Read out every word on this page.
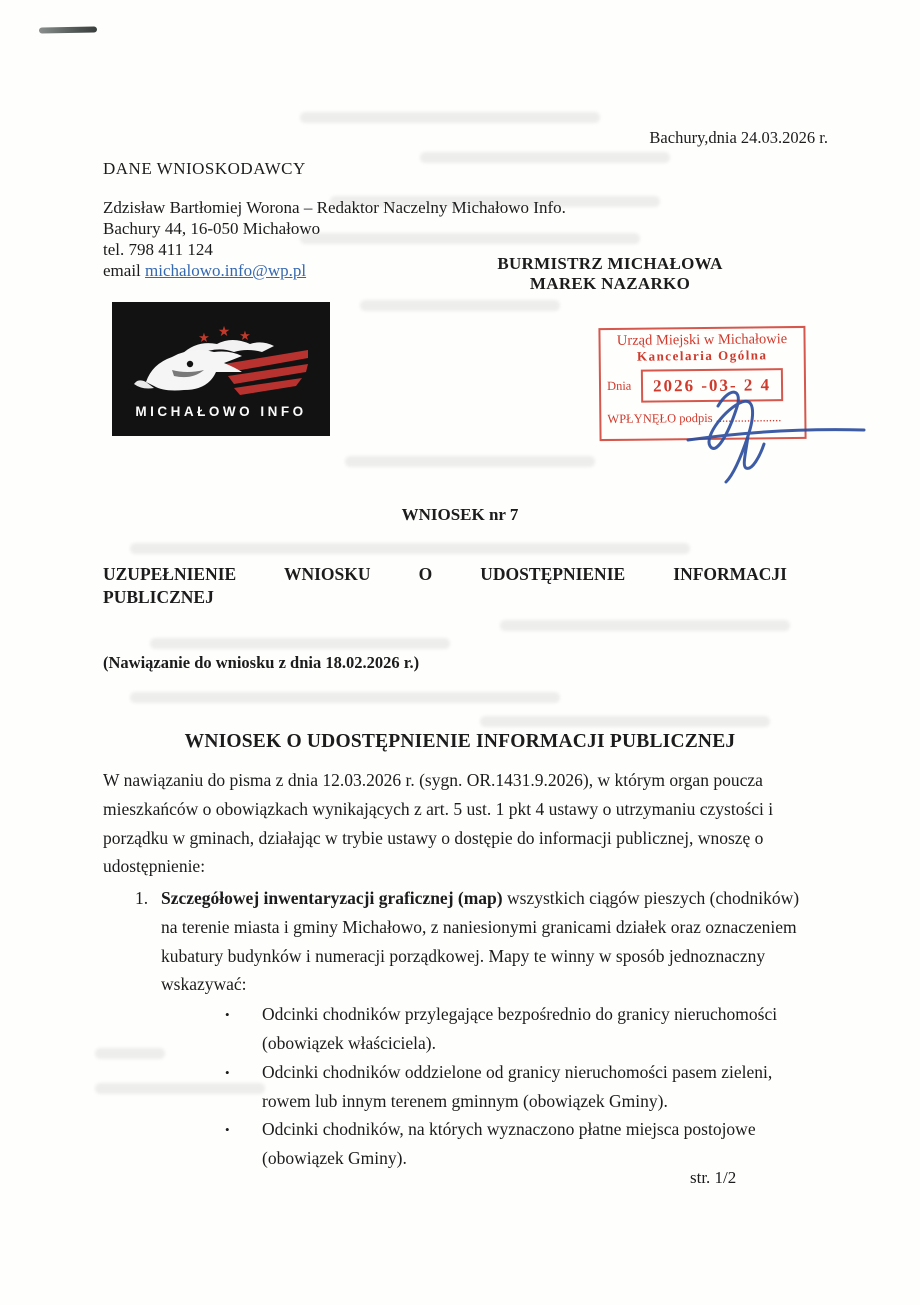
Bachury,dnia 24.03.2026 r.
DANE WNIOSKODAWCY
Zdzisław Bartłomiej Worona – Redaktor Naczelny Michałowo Info.
Bachury 44, 16-050 Michałowo
tel. 798 411 124
email michalowo.info@wp.pl	BURMISTRZ MICHAŁOWA
MAREK NAZARKO
★ ★ ★
MICHAŁOWO INFO
Urząd Miejski w Michałowie
Kancelaria Ogólna
Dnia	2026 -03- 2 4
WPŁYNĘŁO podpis .....................
WNIOSEK nr 7
UZUPEŁNIENIE WNIOSKU O UDOSTĘPNIENIE INFORMACJI
PUBLICZNEJ
(Nawiązanie do wniosku z dnia 18.02.2026 r.)
WNIOSEK O UDOSTĘPNIENIE INFORMACJI PUBLICZNEJ
W nawiązaniu do pisma z dnia 12.03.2026 r. (sygn. OR.1431.9.2026), w którym organ poucza mieszkańców o obowiązkach wynikających z art. 5 ust. 1 pkt 4 ustawy o utrzymaniu czystości i porządku w gminach, działając w trybie ustawy o dostępie do informacji publicznej, wnoszę o udostępnienie:
1. Szczegółowej inwentaryzacji graficznej (map) wszystkich ciągów pieszych (chodników) na terenie miasta i gminy Michałowo, z naniesionymi granicami działek oraz oznaczeniem kubatury budynków i numeracji porządkowej. Mapy te winny w sposób jednoznaczny wskazywać:
•	Odcinki chodników przylegające bezpośrednio do granicy nieruchomości (obowiązek właściciela).
•	Odcinki chodników oddzielone od granicy nieruchomości pasem zieleni, rowem lub innym terenem gminnym (obowiązek Gminy).
•	Odcinki chodników, na których wyznaczono płatne miejsca postojowe (obowiązek Gminy).
str. 1/2
